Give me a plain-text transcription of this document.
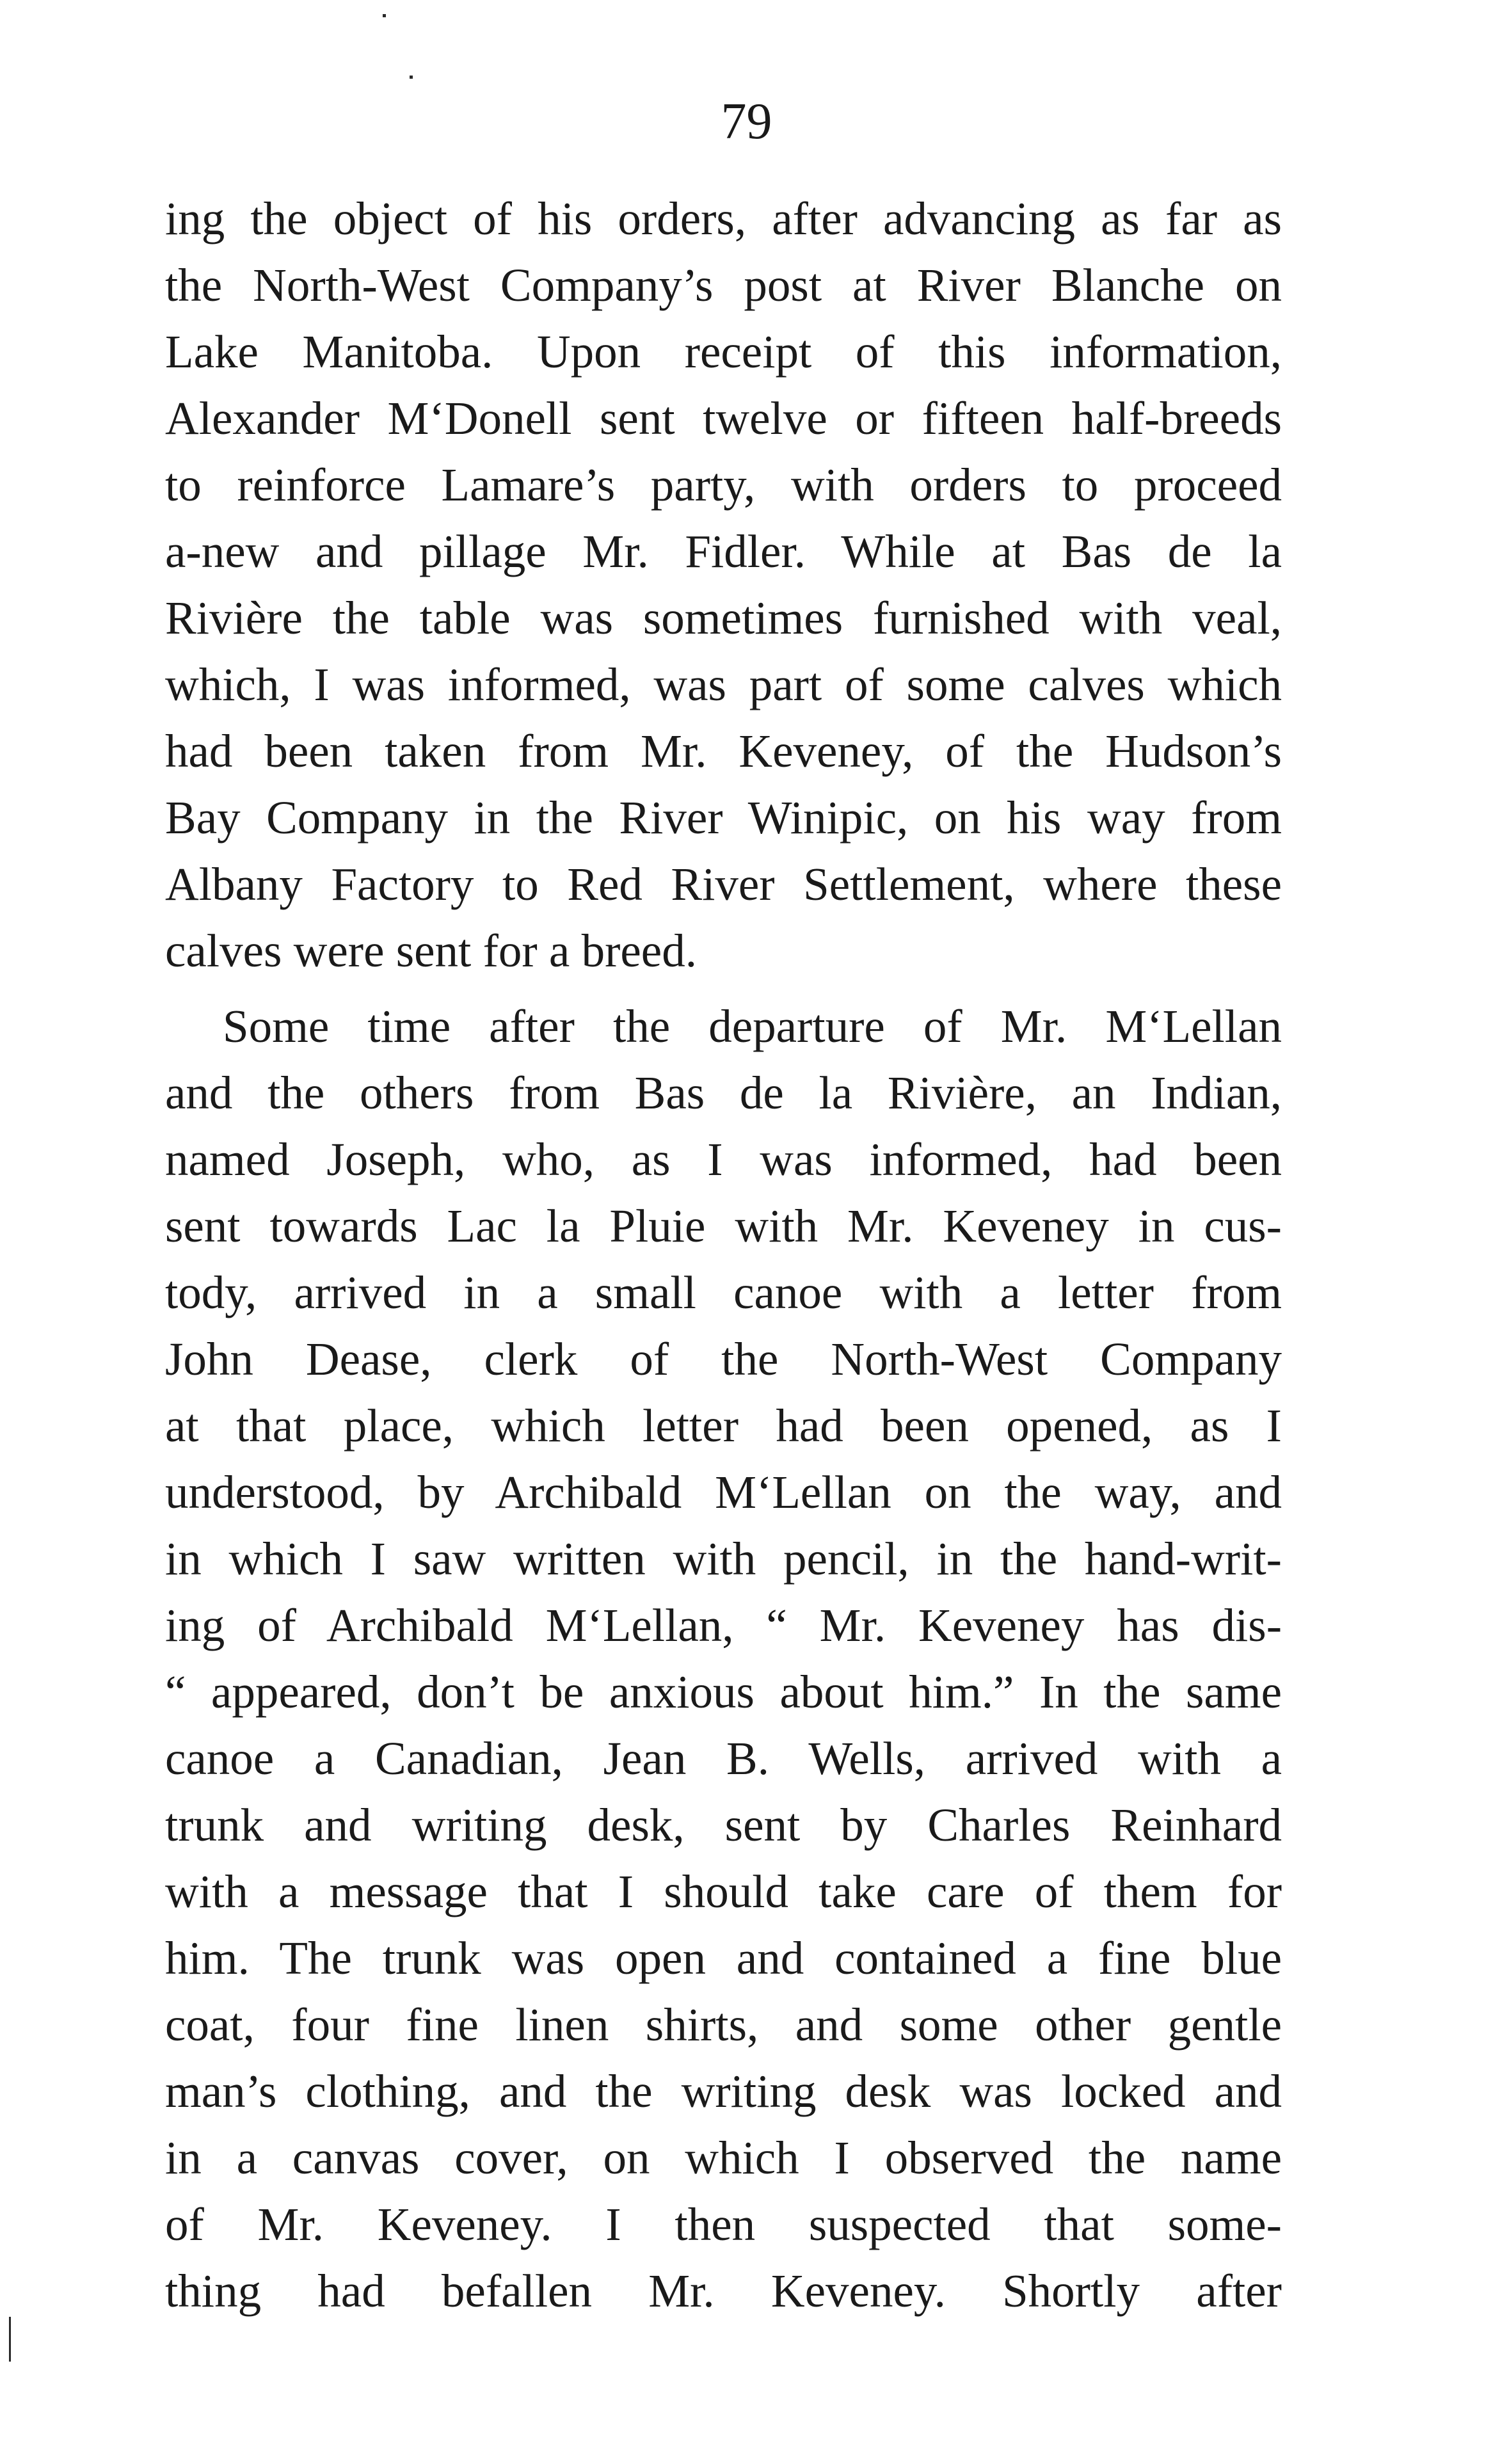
79
ing the object of his orders, after advancing as far as
the North-West Company’s post at River Blanche on
Lake Manitoba. Upon receipt of this information,
Alexander M‘Donell sent twelve or fifteen half-breeds
to reinforce Lamare’s party, with orders to proceed
a-new and pillage Mr. Fidler. While at Bas de la
Rivière the table was sometimes furnished with veal,
which, I was informed, was part of some calves which
had been taken from Mr. Keveney, of the Hudson’s
Bay Company in the River Winipic, on his way from
Albany Factory to Red River Settlement, where these
calves were sent for a breed.
Some time after the departure of Mr. M‘Lellan
and the others from Bas de la Rivière, an Indian,
named Joseph, who, as I was informed, had been
sent towards Lac la Pluie with Mr. Keveney in cus-
tody, arrived in a small canoe with a letter from
John Dease, clerk of the North-West Company
at that place, which letter had been opened, as I
understood, by Archibald M‘Lellan on the way, and
in which I saw written with pencil, in the hand-writ-
ing of Archibald M‘Lellan, “ Mr. Keveney has dis-
“ appeared, don’t be anxious about him.” In the same
canoe a Canadian, Jean B. Wells, arrived with a
trunk and writing desk, sent by Charles Reinhard
with a message that I should take care of them for
him. The trunk was open and contained a fine blue
coat, four fine linen shirts, and some other gentle
man’s clothing, and the writing desk was locked and
in a canvas cover, on which I observed the name
of Mr. Keveney. I then suspected that some-
thing had befallen Mr. Keveney. Shortly after
